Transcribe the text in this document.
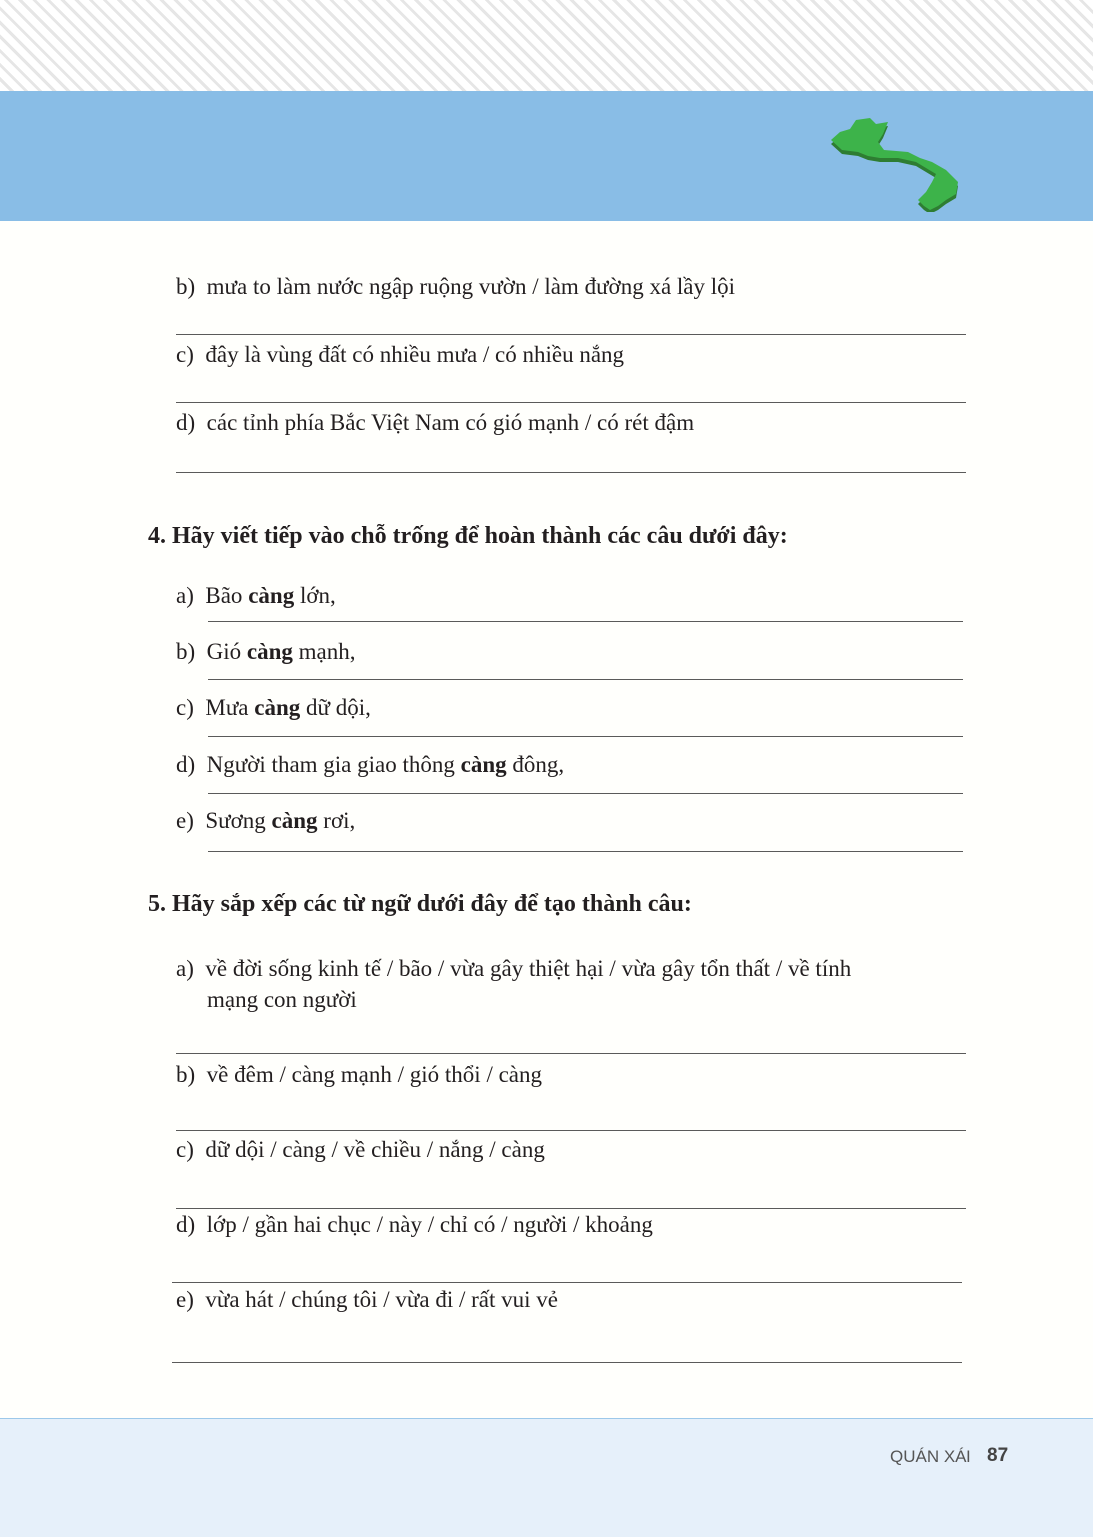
b) mưa to làm nước ngập ruộng vườn / làm đường xá lầy lội
c) đây là vùng đất có nhiều mưa / có nhiều nắng
d) các tỉnh phía Bắc Việt Nam có gió mạnh / có rét đậm
4. Hãy viết tiếp vào chỗ trống để hoàn thành các câu dưới đây:
a) Bão càng lớn,
b) Gió càng mạnh,
c) Mưa càng dữ dội,
d) Người tham gia giao thông càng đông,
e) Sương càng rơi,
5. Hãy sắp xếp các từ ngữ dưới đây để tạo thành câu:
a) về đời sống kinh tế / bão / vừa gây thiệt hại / vừa gây tổn thất / về tính
mạng con người
b) về đêm / càng mạnh / gió thổi / càng
c) dữ dội / càng / về chiều / nắng / càng
d) lớp / gần hai chục / này / chỉ có / người / khoảng
e) vừa hát / chúng tôi / vừa đi / rất vui vẻ
QUÁN XÁ I 87
